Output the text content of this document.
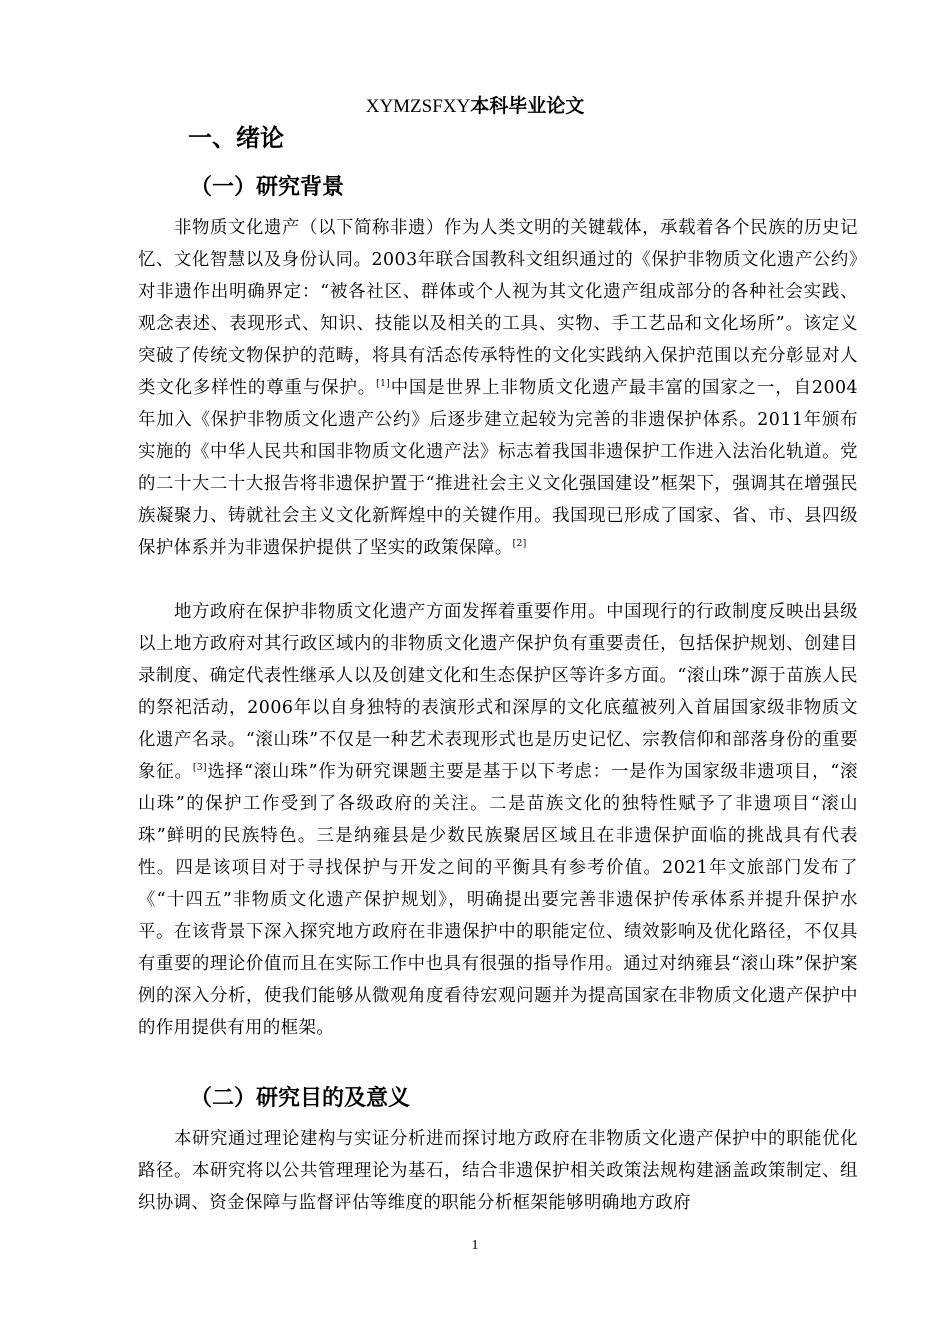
XYMZSFXY本科毕业论文
一、绪论
（一）研究背景

非物质文化遗产（以下简称非遗）作为人类文明的关键载体，承载着各个民族的历史记忆、文化智慧以及身份认同。2003年联合国教科文组织通过的《保护非物质文化遗产公约》对非遗作出明确界定：“被各社区、群体或个人视为其文化遗产组成部分的各种社会实践、观念表述、表现形式、知识、技能以及相关的工具、实物、手工艺品和文化场所”。该定义突破了传统文物保护的范畴，将具有活态传承特性的文化实践纳入保护范围以充分彰显对人类文化多样性的尊重与保护。[1]中国是世界上非物质文化遗产最丰富的国家之一，自2004年加入《保护非物质文化遗产公约》后逐步建立起较为完善的非遗保护体系。2011年颁布实施的《中华人民共和国非物质文化遗产法》标志着我国非遗保护工作进入法治化轨道。党的二十大二十大报告将非遗保护置于“推进社会主义文化强国建设”框架下，强调其在增强民族凝聚力、铸就社会主义文化新辉煌中的关键作用。我国现已形成了国家、省、市、县四级保护体系并为非遗保护提供了坚实的政策保障。[2]

地方政府在保护非物质文化遗产方面发挥着重要作用。中国现行的行政制度反映出县级以上地方政府对其行政区域内的非物质文化遗产保护负有重要责任，包括保护规划、创建目录制度、确定代表性继承人以及创建文化和生态保护区等许多方面。“滚山珠”源于苗族人民的祭祀活动，2006年以自身独特的表演形式和深厚的文化底蕴被列入首届国家级非物质文化遗产名录。“滚山珠”不仅是一种艺术表现形式也是历史记忆、宗教信仰和部落身份的重要象征。[3]选择“滚山珠”作为研究课题主要是基于以下考虑：一是作为国家级非遗项目，“滚山珠”的保护工作受到了各级政府的关注。二是苗族文化的独特性赋予了非遗项目“滚山珠”鲜明的民族特色。三是纳雍县是少数民族聚居区域且在非遗保护面临的挑战具有代表性。四是该项目对于寻找保护与开发之间的平衡具有参考价值。2021年文旅部门发布了《“十四五”非物质文化遗产保护规划》，明确提出要完善非遗保护传承体系并提升保护水平。在该背景下深入探究地方政府在非遗保护中的职能定位、绩效影响及优化路径，不仅具有重要的理论价值而且在实际工作中也具有很强的指导作用。通过对纳雍县“滚山珠”保护案例的深入分析，使我们能够从微观角度看待宏观问题并为提高国家在非物质文化遗产保护中的作用提供有用的框架。

（二）研究目的及意义

本研究通过理论建构与实证分析进而探讨地方政府在非物质文化遗产保护中的职能优化路径。本研究将以公共管理理论为基石，结合非遗保护相关政策法规构建涵盖政策制定、组织协调、资金保障与监督评估等维度的职能分析框架能够明确地方政府

1
